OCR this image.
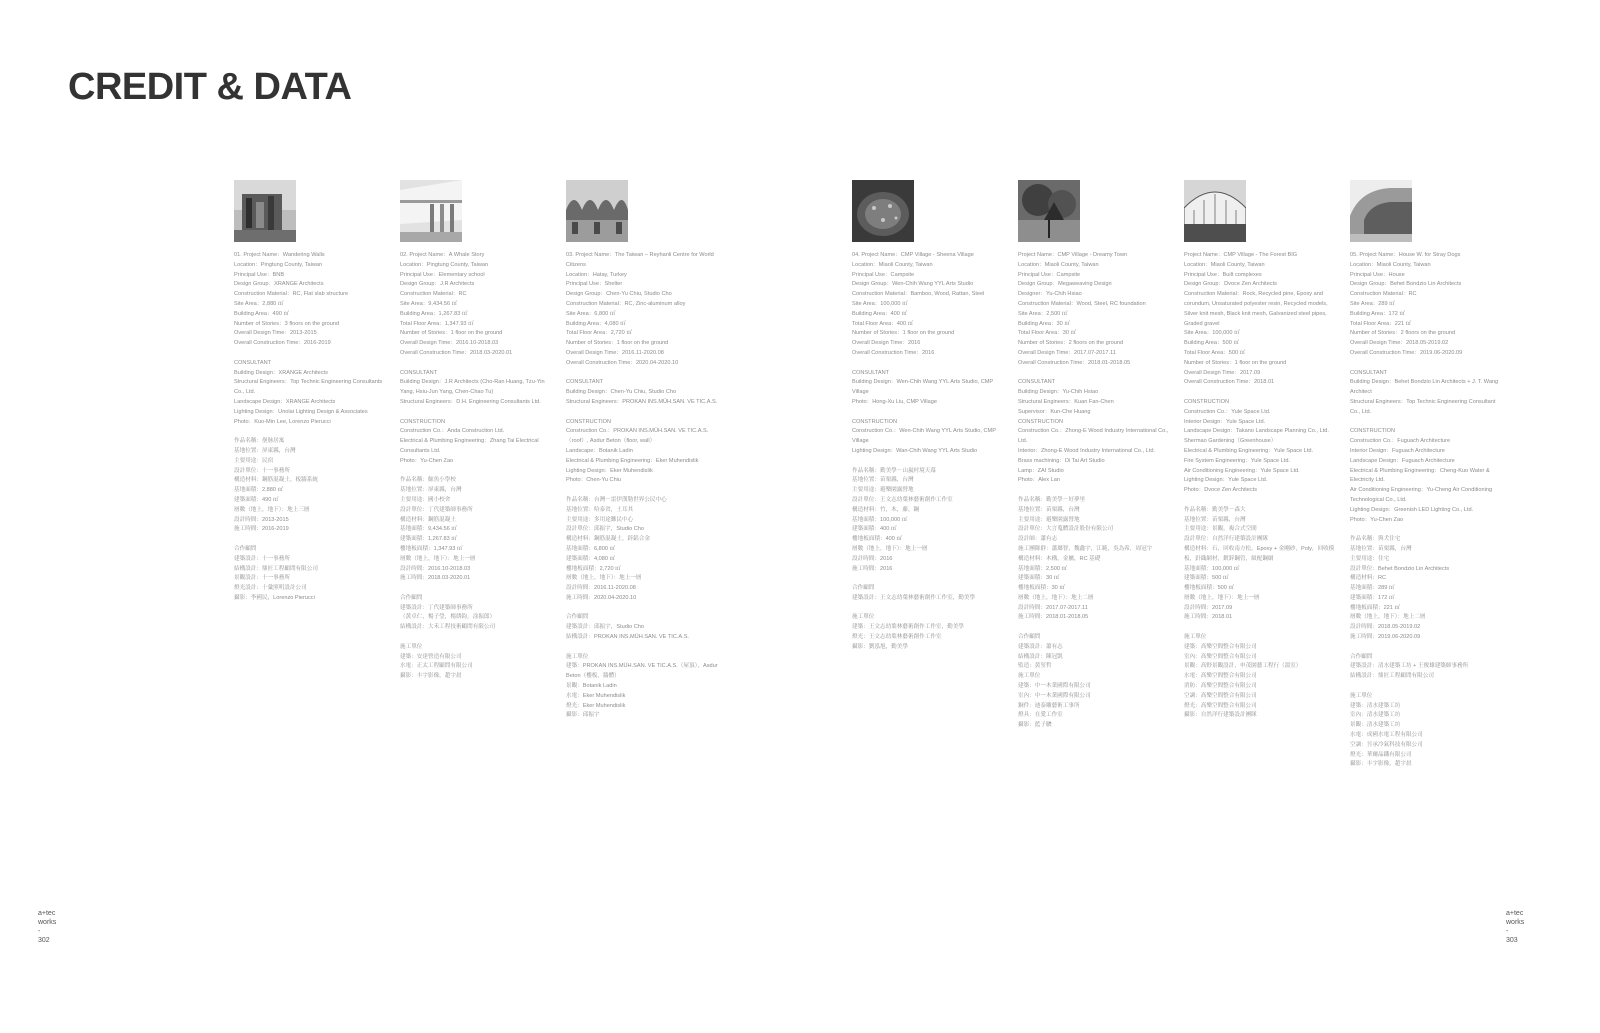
CREDIT & DATA
01. Project Name：Wandering Walls
Location：Pingtung County, Taiwan
Principal Use：BNB
Design Group：XRANGE Architects
Construction Material：RC, Flat slab structure
Site Area：2,880 ㎡
Building Area：490 ㎡
Number of Stories：3 floors on the ground
Overall Design Time：2013-2015
Overall Construction Time：2016-2019
CONSULTANT
Building Design：XRANGE Architects
Structural Engineers：Top Technic Engineering Consultants Co., Ltd.
Landscape Design：XRANGE Architects
Lighting Design：Unolai Lighting Design & Associates
Photo：Kuo-Min Lee, Lorenzo Pierucci
作品名稱：壘脉居寓
基地位置：屏東縣，台灣
主要用途：民宿
設計單位：十一事務所
構造材料：鋼筋混凝土，板牆系統
基地面積：2,880 ㎡
建築面積：490 ㎡
層數（地上，地下）：地上三層
設計時間：2013-2015
施工時間：2016-2019
合作顧問
建築設計：十一事務所
結構設計：鼎匠工程顧問有限公司
景觀設計：十一事務所
燈光設計：十彙照明設計公司
攝影：李國民，Lorenzo Pierucci
02. Project Name：A Whale Story
Location：Pingtung County, Taiwan
Principal Use：Elementary school
Design Group：J.R Architects
Construction Material：RC
Site Area：9,434.56 ㎡
Building Area：1,267.83 ㎡
Total Floor Area：1,347.93 ㎡
Number of Stories：1 floor on the ground
Overall Design Time：2016.10-2018.03
Overall Construction Time：2018.03-2020.01
CONSULTANT
Building Design：J.R Architects (Cho-Ran Huang, Tzu-Yin Yang, Hsiu-Jun Yang, Chen-Chao Tu)
Structural Engineers：D.H. Engineering Consultants Ltd.
CONSTRUCTION
Construction Co.：Anda Construction Ltd.
Electrical & Plumbing Engineering：Zhang Tai Electrical Consultants Ltd.
Photo：Yu-Chen Zao
作品名稱：鯨魚小學校
基地位置：屏東縣，台灣
主要用途：國小校舍
設計單位：丁代建築師事務所
構造材料：鋼筋混凝土
基地面積：9,434.56 ㎡
建築面積：1,267.83 ㎡
樓地板面積：1,347.93 ㎡
層數（地上，地下）：地上一層
設計時間：2016.10-2018.03
施工時間：2018.03-2020.01
合作顧問
建築設計：丁代建築師事務所
（黃卓仁，楊子瑩，楊綉鈞，涂振郎）
結構設計：大禾工程技術顧問有限公司
施工單位
建築：安達營造有限公司
水電：正太工程顧問有限公司
攝影：丰宇影像，趙宇晨
03. Project Name：The Taiwan – Reyhanli Centre for World Citizens
Location：Hatay, Turkey
Principal Use：Shelter
Design Group：Chen-Yu Chiu, Studio Cho
Construction Material：RC, Zinc-aluminum alloy
Site Area：6,800 ㎡
Building Area：4,080 ㎡
Total Floor Area：2,720 ㎡
Number of Stories：1 floor on the ground
Overall Design Time：2016.11-2020.08
Overall Construction Time：2020.04-2020.10
CONSULTANT
Building Design：Chen-Yu Chiu, Studio Cho
Structural Engineers：PROKAN INS.MÜH.SAN. VE TIC.A.S.
CONSTRUCTION
Construction Co.：PROKAN INS.MÜH.SAN. VE TIC.A.S.（roof）, Asdur Beton（floor, wall）
Landscape：Botanik Ladin
Electrical & Plumbing Engineering：Eker Muhendislik
Lighting Design：Eker Muhendislik
Photo：Chen-Yu Chiu
作品名稱：台灣－雷伊漢勒世界公民中心
基地位置：哈泰省，土耳其
主要用途：多用途難民中心
設計單位：邱振宇，Studio Cho
構造材料：鋼筋混凝土，鋅鋁合金
基地面積：6,800 ㎡
建築面積：4,080 ㎡
樓地板面積：2,720 ㎡
層數（地上，地下）：地上一層
設計時間：2016.11-2020.08
施工時間：2020.04-2020.10
合作顧問
建築設計：邱振宇，Studio Cho
結構設計：PROKAN INS.MÜH.SAN. VE TIC.A.S.
施工單位
建築：PROKAN INS.MÜH.SAN. VE TIC.A.S.（屋頂），Asdur Beton（樓板，牆體）
景觀：Botanik Ladin
水電：Eker Muhendislik
燈光：Eker Muhendislik
攝影：邱振宇
04. Project Name：CMP Village - Sheena Village
Location：Miaoli County, Taiwan
Principal Use：Campsite
Design Group：Wen-Chih Wang YYL Arts Studio
Construction Material：Bamboo, Wood, Rattan, Steel
Site Area：100,000 ㎡
Building Area：400 ㎡
Total Floor Area：400 ㎡
Number of Stories：1 floor on the ground
Overall Design Time：2016
Overall Construction Time：2016
CONSULTANT
Building Design：Wen-Chih Wang YYL Arts Studio, CMP Village
Photo：Hong-Xu Liu, CMP Village
CONSTRUCTION
Construction Co.：Wen-Chih Wang YYL Arts Studio, CMP Village
Lighting Design：Wan-Chih Wang YYL Arts Studio
作品名稱：勤美學－山嵐村境天幕
基地位置：苗栗縣，台灣
主要用途：避樂園露營地
設計單位：王文志幼葉林藝術創作工作室
構造材料：竹，木，藤，鋼
基地面積：100,000 ㎡
建築面積：400 ㎡
樓地板面積：400 ㎡
層數（地上，地下）：地上一層
設計時間：2016
施工時間：2016
合作顧問
建築設計：王文志幼葉林藝術創作工作室，勤美學
施工單位
建築：王文志幼葉林藝術創作工作室，勤美學
燈光：王文志幼葉林藝術創作工作室
攝影：劉泓旭，勤美學
Project Name：CMP Village - Dreamy Town
Location：Miaoli County, Taiwan
Principal Use：Campsite
Design Group：Megaweaving Design
Designer：Yu-Chih Hsiao
Construction Material：Wood, Steel, RC foundation
Site Area：2,500 ㎡
Building Area：30 ㎡
Total Floor Area：30 ㎡
Number of Stories：2 floors on the ground
Overall Design Time：2017.07-2017.11
Overall Construction Time：2018.01-2018.05
CONSULTANT
Building Design：Yu-Chih Hsiao
Structural Engineers：Kuan Fan-Chen
Supervisor：Kun-Che Huang
CONSTRUCTION
Construction Co.：Zhong-E Wood Industry International Co., Ltd.
Interior：Zhong-E Wood Industry International Co., Ltd.
Brass machining：Di Tai Art Studio
Lamp：ZAI Studio
Photo：Alex Lan
作品名稱：勤美學－好夢里
基地位置：苗栗縣，台灣
主要用途：避樂園露營地
設計單位：大言蒐體設計股份有限公司
設計師：蕭有志
施工團隊群：蕭瑯智，魏鑫宇，江範，吳為希，周冠宇
構造材料：木構，金屬，RC 基礎
基地面積：2,500 ㎡
建築面積：30 ㎡
樓地板面積：30 ㎡
層數（地上，地下）：地上二層
設計時間：2017.07-2017.11
施工時間：2018.01-2018.05
合作顧問
建築設計：蕭有志
結構設計：陳冠凱
監造：黃堃哲
施工單位
建築：中一木業國際有限公司
室內：中一木業國際有限公司
銅件：迪泰雕藝術工事所
燈具：在愛工作室
攝影：藍子駿
Project Name：CMP Village - The Forest BIG
Location：Miaoli County, Taiwan
Principal Use：Built complexes
Design Group：Dvoce Zen Architects
Construction Material：Rock, Recycled pine, Epoxy and corundum, Unsaturated polyester resin, Recycled models, Silver knit mesh, Black knit mesh, Galvanized steel pipes, Graded gravel
Site Area：100,000 ㎡
Building Area：500 ㎡
Total Floor Area：500 ㎡
Number of Stories：1 floor on the ground
Overall Design Time：2017.09
Overall Construction Time：2018.01
CONSTRUCTION
Construction Co.：Yule Space Ltd.
Interior Design：Yule Space Ltd.
Landscape Design：Takano Landscape Planning Co., Ltd.
Shermao Gardening（Greenhouse）
Electrical & Plumbing Engineering：Yule Space Ltd.
Fire System Engineering：Yule Space Ltd.
Air Conditioning Engineering：Yule Space Ltd.
Lighting Design：Yule Space Ltd.
Photo：Dvoce Zen Architects
作品名稱：勤美學－森大
基地位置：苗栗縣，台灣
主要用途：景觀，複合式空間
設計單位：自然洋行建築設計團隊
構造材料：石，回收南方松，Epoxy + 金剛砂，Poly，回收模板，針織網材，鍍鋅鋼管，級配鋼網
基地面積：100,000 ㎡
建築面積：500 ㎡
樓地板面積：500 ㎡
層數（地上，地下）：地上一層
設計時間：2017.09
施工時間：2018.01
施工單位
建築：高樂空間整合有限公司
室內：高樂空間整合有限公司
景觀：高野景觀設計，申茂園藝工程行（溫室）
水電：高樂空間整合有限公司
消防：高樂空間整合有限公司
空調：高樂空間整合有限公司
燈光：高樂空間整合有限公司
攝影：自然洋行建築設計團隊
05. Project Name：House W. for Stray Dogs
Location：Miaoli County, Taiwan
Principal Use：House
Design Group：Behet Bondzio Lin Architects
Construction Material：RC
Site Area：289 ㎡
Building Area：172 ㎡
Total Floor Area：221 ㎡
Number of Stories：2 floors on the ground
Overall Design Time：2018.05-2019.02
Overall Construction Time：2019.06-2020.09
CONSULTANT
Building Design：Behet Bondzio Lin Architects + J. T. Wang Architect
Structural Engineers：Top Technic Engineering Consultant Co., Ltd.
CONSTRUCTION
Construction Co.：Fuguach Architecture
Interior Design：Fuguach Architecture
Landscape Design：Fuguach Architecture
Electrical & Plumbing Engineering：Cheng-Kuo Water & Electricity Ltd.
Air Conditioning Engineering：Yu-Cheng Air Conditioning Technological Co., Ltd.
Lighting Design：Greenish LED Lighting Co., Ltd.
Photo：Yu-Chen Zao
作品名稱：與犬住宅
基地位置：苗栗縣，台灣
主要用途：住宅
設計單位：Behet Bondzio Lin Architects
構造材料：RC
基地面積：289 ㎡
建築面積：172 ㎡
樓地板面積：221 ㎡
層數（地上，地下）：地上二層
設計時間：2018.05-2019.02
施工時間：2019.06-2020.09
合作顧問
建築設計：清水建築工坊 + 王俊雄建築師事務所
結構設計：鼎匠工程顧問有限公司
施工單位
建築：清水建築工坊
室內：清水建築工坊
景觀：清水建築工坊
水電：成國水電工程有限公司
空調：昱承冷氣科技有限公司
燈光：華爾晶鐵有限公司
攝影：丰宇影像，趙宇晨
a+tec
works
-
302
a+tec
works
-
303
